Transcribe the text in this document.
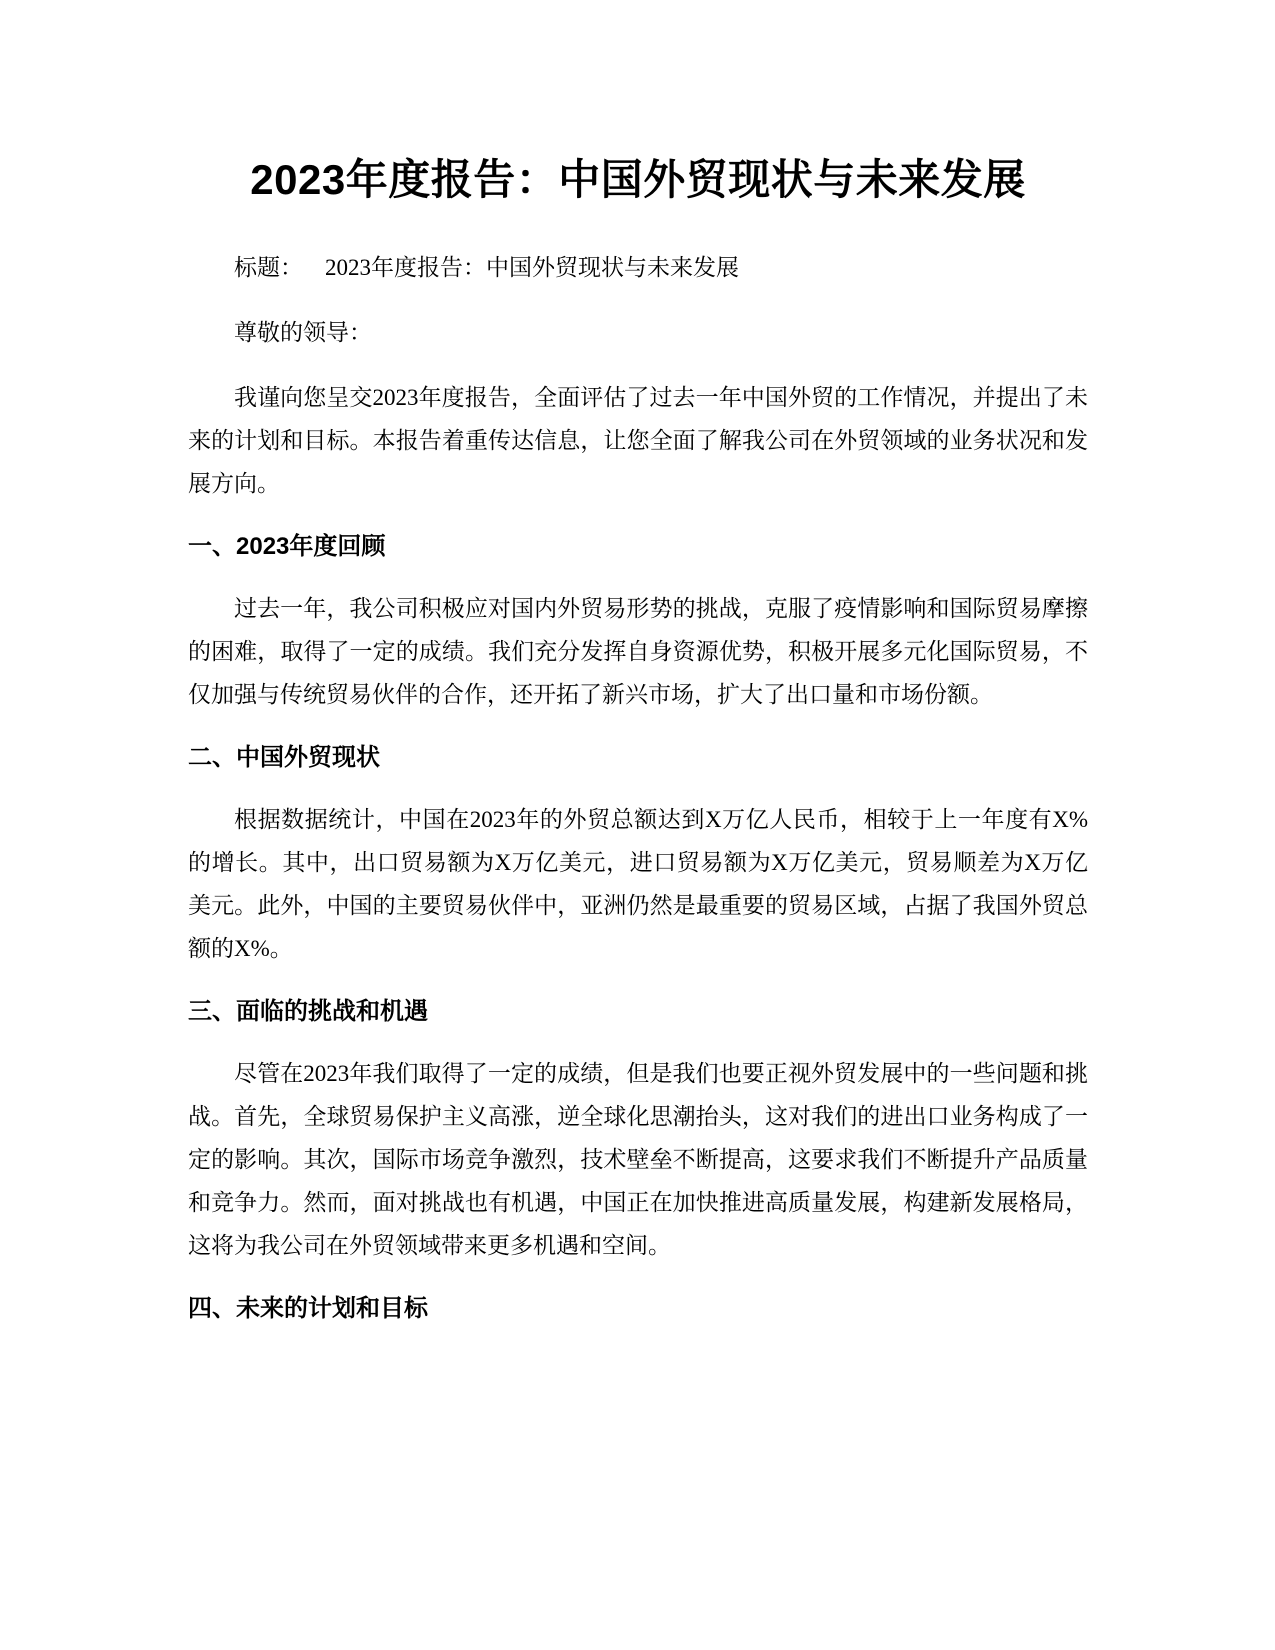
2023年度报告：中国外贸现状与未来发展

标题： 2023年度报告：中国外贸现状与未来发展

尊敬的领导：

我谨向您呈交2023年度报告，全面评估了过去一年中国外贸的工作情况，并提出了未来的计划和目标。本报告着重传达信息，让您全面了解我公司在外贸领域的业务状况和发展方向。

一、2023年度回顾

过去一年，我公司积极应对国内外贸易形势的挑战，克服了疫情影响和国际贸易摩擦的困难，取得了一定的成绩。我们充分发挥自身资源优势，积极开展多元化国际贸易，不仅加强与传统贸易伙伴的合作，还开拓了新兴市场，扩大了出口量和市场份额。

二、中国外贸现状

根据数据统计，中国在2023年的外贸总额达到X万亿人民币，相较于上一年度有X%的增长。其中，出口贸易额为X万亿美元，进口贸易额为X万亿美元，贸易顺差为X万亿美元。此外，中国的主要贸易伙伴中，亚洲仍然是最重要的贸易区域，占据了我国外贸总额的X%。

三、面临的挑战和机遇

尽管在2023年我们取得了一定的成绩，但是我们也要正视外贸发展中的一些问题和挑战。首先，全球贸易保护主义高涨，逆全球化思潮抬头，这对我们的进出口业务构成了一定的影响。其次，国际市场竞争激烈，技术壁垒不断提高，这要求我们不断提升产品质量和竞争力。然而，面对挑战也有机遇，中国正在加快推进高质量发展，构建新发展格局，这将为我公司在外贸领域带来更多机遇和空间。

四、未来的计划和目标
